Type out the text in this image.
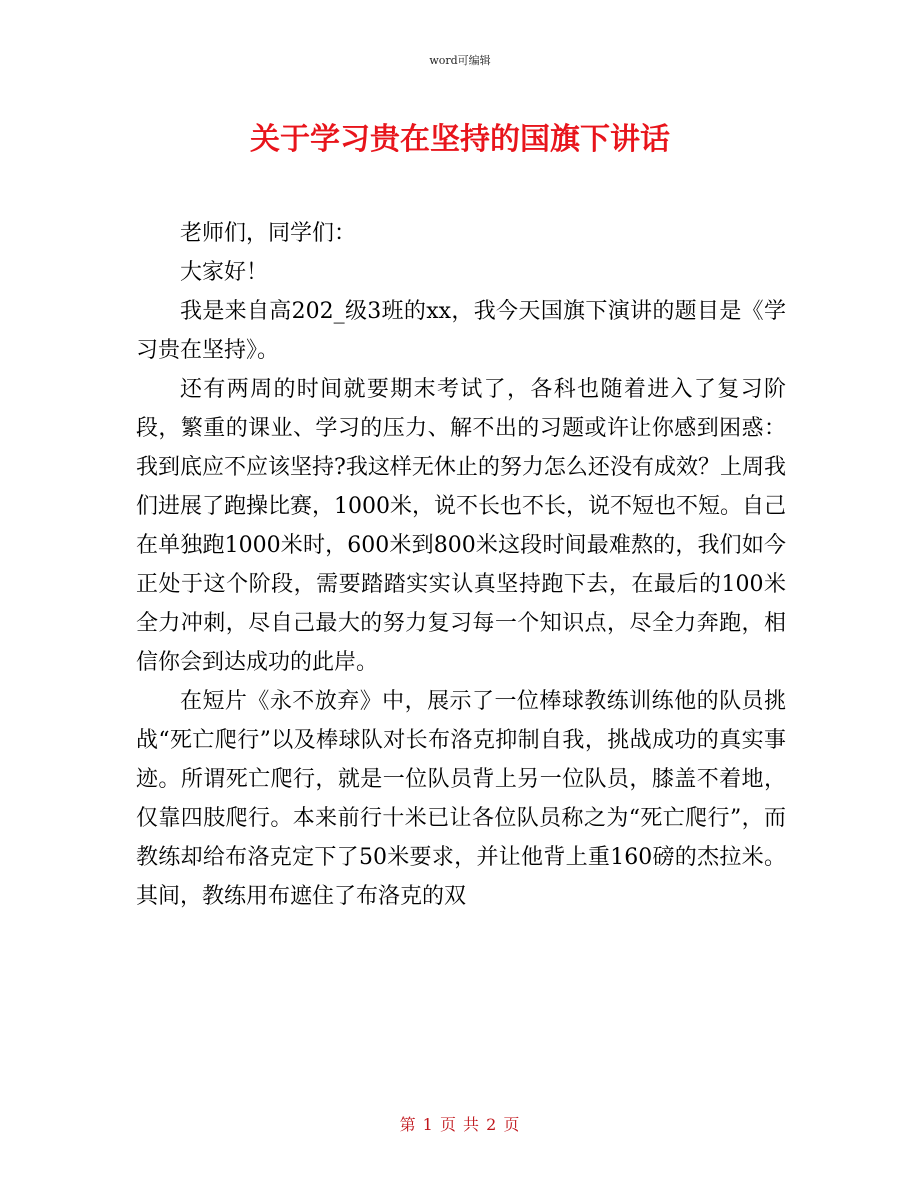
word可编辑
关于学习贵在坚持的国旗下讲话

老师们，同学们：

大家好！

我是来自高202_级3班的xx，我今天国旗下演讲的题目是《学习贵在坚持》。

还有两周的时间就要期末考试了，各科也随着进入了复习阶段，繁重的课业、学习的压力、解不出的习题或许让你感到困惑：我到底应不应该坚持?我这样无休止的努力怎么还没有成效？上周我们进展了跑操比赛，1000米，说不长也不长，说不短也不短。自己在单独跑1000米时，600米到800米这段时间最难熬的，我们如今正处于这个阶段，需要踏踏实实认真坚持跑下去，在最后的100米全力冲刺，尽自己最大的努力复习每一个知识点，尽全力奔跑，相信你会到达成功的此岸。

在短片《永不放弃》中，展示了一位棒球教练训练他的队员挑战“死亡爬行”以及棒球队对长布洛克抑制自我，挑战成功的真实事迹。所谓死亡爬行，就是一位队员背上另一位队员，膝盖不着地，仅靠四肢爬行。本来前行十米已让各位队员称之为“死亡爬行”，而教练却给布洛克定下了50米要求，并让他背上重160磅的杰拉米。其间，教练用布遮住了布洛克的双

第 1 页 共 2 页
